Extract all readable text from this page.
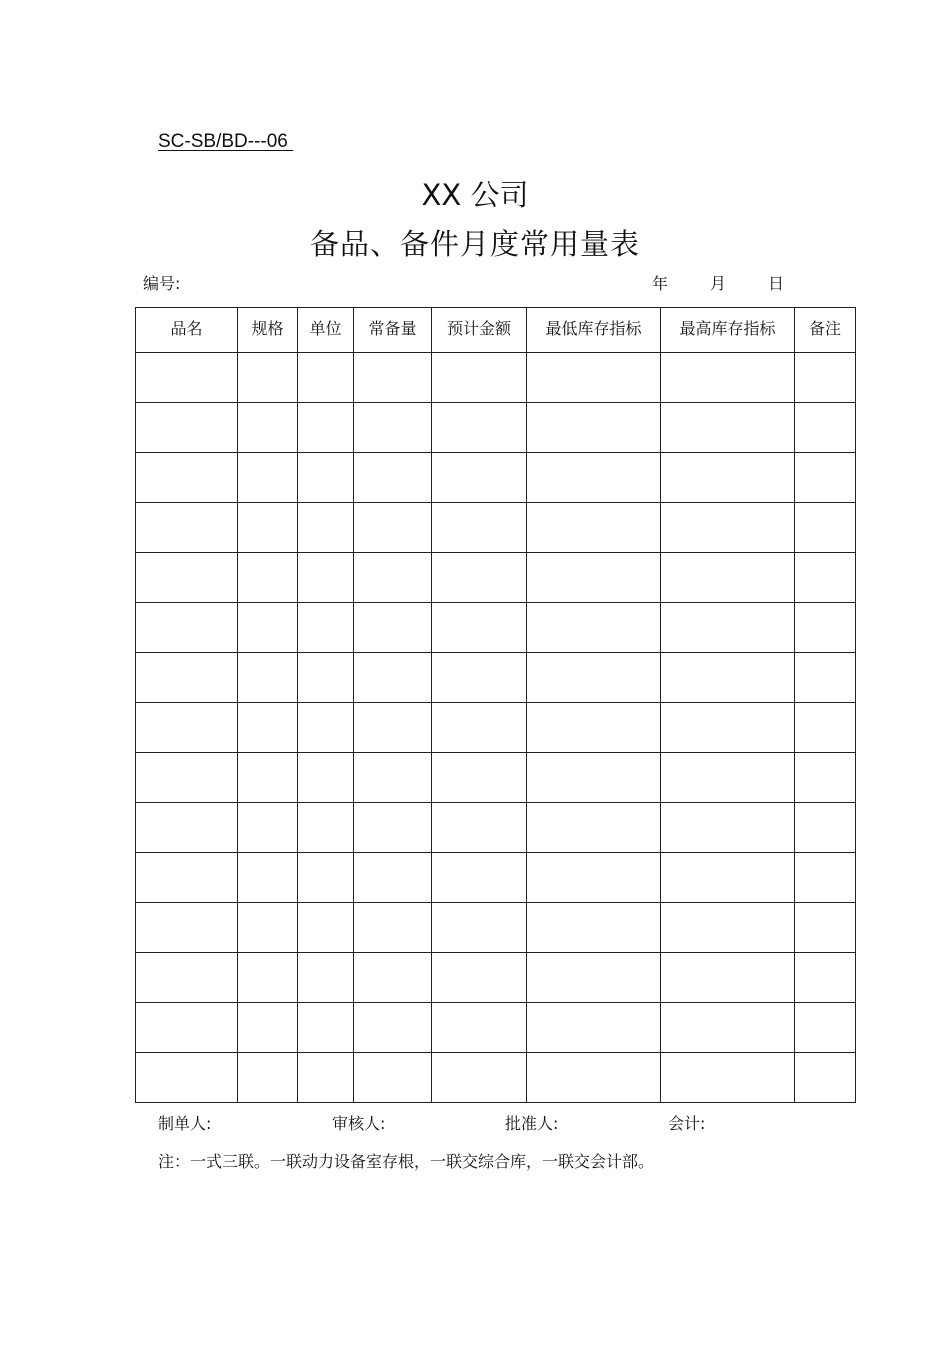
SC-SB/BD---06
XX 公司
备品、备件月度常用量表
编号:	年	月	日
品名	规格	单位	常备量	预计金额	最低库存指标	最高库存指标	备注

制单人:	审核人:	批准人:	会计:
注：一式三联。一联动力设备室存根，一联交综合库，一联交会计部。
